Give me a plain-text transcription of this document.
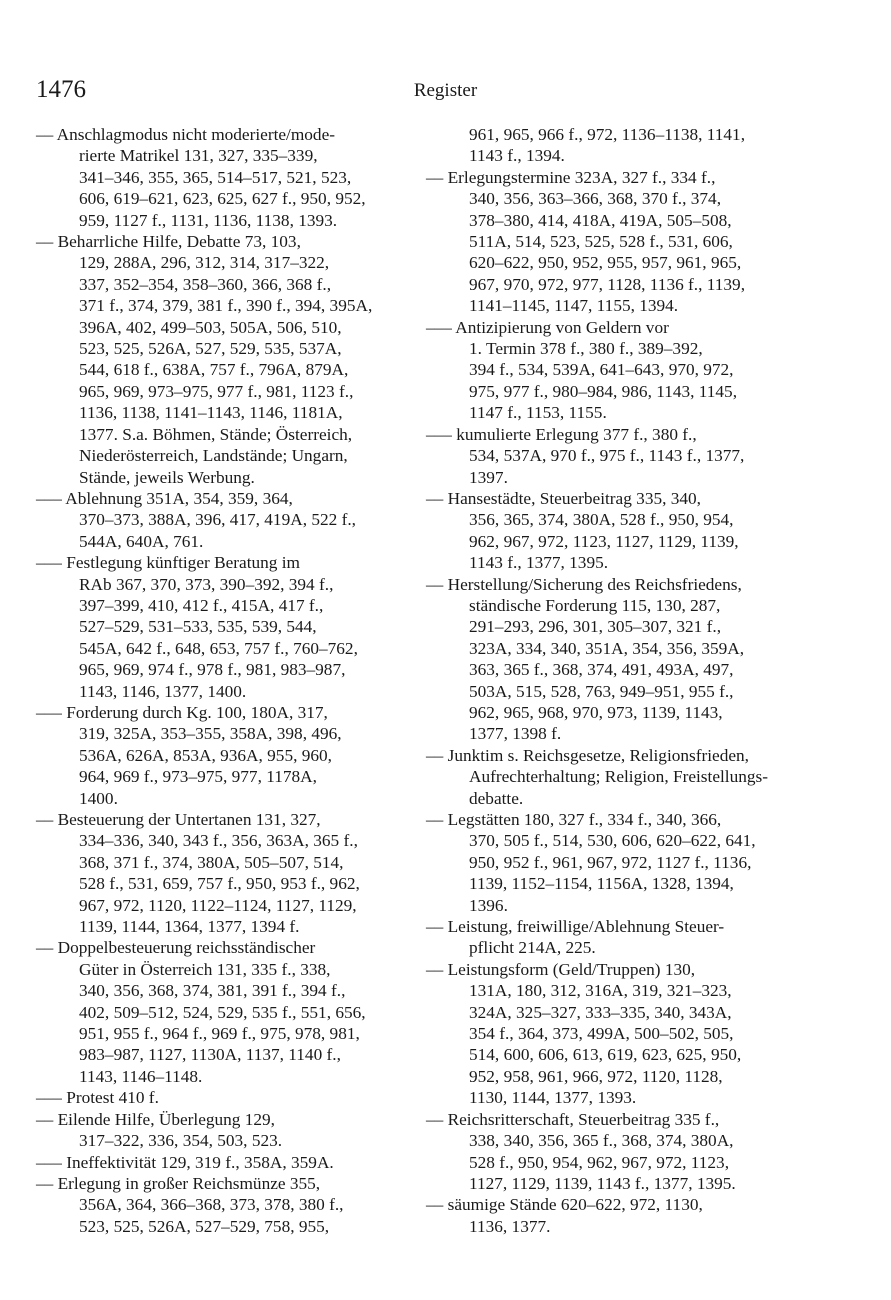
1476	Register
–– Anschlagmodus nicht moderierte/mode-
rierte Matrikel 131, 327, 335–339,
341–346, 355, 365, 514–517, 521, 523,
606, 619–621, 623, 625, 627 f., 950, 952,
959, 1127 f., 1131, 1136, 1138, 1393.
–– Beharrliche Hilfe, Debatte 73, 103,
129, 288A, 296, 312, 314, 317–322,
337, 352–354, 358–360, 366, 368 f.,
371 f., 374, 379, 381 f., 390 f., 394, 395A,
396A, 402, 499–503, 505A, 506, 510,
523, 525, 526A, 527, 529, 535, 537A,
544, 618 f., 638A, 757 f., 796A, 879A,
965, 969, 973–975, 977 f., 981, 1123 f.,
1136, 1138, 1141–1143, 1146, 1181A,
1377. S.a. Böhmen, Stände; Österreich,
Niederösterreich, Landstände; Ungarn,
Stände, jeweils Werbung.
––– Ablehnung 351A, 354, 359, 364,
370–373, 388A, 396, 417, 419A, 522 f.,
544A, 640A, 761.
––– Festlegung künftiger Beratung im
RAb 367, 370, 373, 390–392, 394 f.,
397–399, 410, 412 f., 415A, 417 f.,
527–529, 531–533, 535, 539, 544,
545A, 642 f., 648, 653, 757 f., 760–762,
965, 969, 974 f., 978 f., 981, 983–987,
1143, 1146, 1377, 1400.
––– Forderung durch Kg. 100, 180A, 317,
319, 325A, 353–355, 358A, 398, 496,
536A, 626A, 853A, 936A, 955, 960,
964, 969 f., 973–975, 977, 1178A,
1400.
–– Besteuerung der Untertanen 131, 327,
334–336, 340, 343 f., 356, 363A, 365 f.,
368, 371 f., 374, 380A, 505–507, 514,
528 f., 531, 659, 757 f., 950, 953 f., 962,
967, 972, 1120, 1122–1124, 1127, 1129,
1139, 1144, 1364, 1377, 1394 f.
–– Doppelbesteuerung reichsständischer
Güter in Österreich 131, 335 f., 338,
340, 356, 368, 374, 381, 391 f., 394 f.,
402, 509–512, 524, 529, 535 f., 551, 656,
951, 955 f., 964 f., 969 f., 975, 978, 981,
983–987, 1127, 1130A, 1137, 1140 f.,
1143, 1146–1148.
––– Protest 410 f.
–– Eilende Hilfe, Überlegung 129,
317–322, 336, 354, 503, 523.
––– Ineffektivität 129, 319 f., 358A, 359A.
–– Erlegung in großer Reichsmünze 355,
356A, 364, 366–368, 373, 378, 380 f.,
523, 525, 526A, 527–529, 758, 955,
961, 965, 966 f., 972, 1136–1138, 1141,
1143 f., 1394.
–– Erlegungstermine 323A, 327 f., 334 f.,
340, 356, 363–366, 368, 370 f., 374,
378–380, 414, 418A, 419A, 505–508,
511A, 514, 523, 525, 528 f., 531, 606,
620–622, 950, 952, 955, 957, 961, 965,
967, 970, 972, 977, 1128, 1136 f., 1139,
1141–1145, 1147, 1155, 1394.
––– Antizipierung von Geldern vor
1. Termin 378 f., 380 f., 389–392,
394 f., 534, 539A, 641–643, 970, 972,
975, 977 f., 980–984, 986, 1143, 1145,
1147 f., 1153, 1155.
––– kumulierte Erlegung 377 f., 380 f.,
534, 537A, 970 f., 975 f., 1143 f., 1377,
1397.
–– Hansestädte, Steuerbeitrag 335, 340,
356, 365, 374, 380A, 528 f., 950, 954,
962, 967, 972, 1123, 1127, 1129, 1139,
1143 f., 1377, 1395.
–– Herstellung/Sicherung des Reichsfriedens,
ständische Forderung 115, 130, 287,
291–293, 296, 301, 305–307, 321 f.,
323A, 334, 340, 351A, 354, 356, 359A,
363, 365 f., 368, 374, 491, 493A, 497,
503A, 515, 528, 763, 949–951, 955 f.,
962, 965, 968, 970, 973, 1139, 1143,
1377, 1398 f.
–– Junktim s. Reichsgesetze, Religionsfrieden,
Aufrechterhaltung; Religion, Freistellungs-
debatte.
–– Legstätten 180, 327 f., 334 f., 340, 366,
370, 505 f., 514, 530, 606, 620–622, 641,
950, 952 f., 961, 967, 972, 1127 f., 1136,
1139, 1152–1154, 1156A, 1328, 1394,
1396.
–– Leistung, freiwillige/Ablehnung Steuer-
pflicht 214A, 225.
–– Leistungsform (Geld/Truppen) 130,
131A, 180, 312, 316A, 319, 321–323,
324A, 325–327, 333–335, 340, 343A,
354 f., 364, 373, 499A, 500–502, 505,
514, 600, 606, 613, 619, 623, 625, 950,
952, 958, 961, 966, 972, 1120, 1128,
1130, 1144, 1377, 1393.
–– Reichsritterschaft, Steuerbeitrag 335 f.,
338, 340, 356, 365 f., 368, 374, 380A,
528 f., 950, 954, 962, 967, 972, 1123,
1127, 1129, 1139, 1143 f., 1377, 1395.
–– säumige Stände 620–622, 972, 1130,
1136, 1377.
